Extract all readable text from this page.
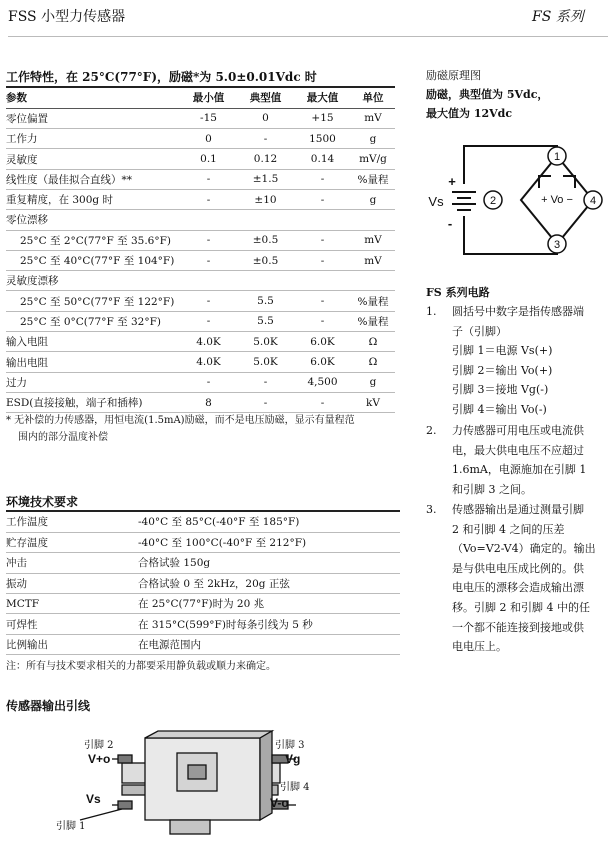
FSS 小型力传感器	FS 系列
工作特性，在 25°C(77°F)，励磁*为 5.0±0.01Vdc 时
参数	最小值	典型值	最大值	单位
零位偏置	-15	0	+15	mV
工作力	0	-	1500	g
灵敏度	0.1	0.12	0.14	mV/g
线性度（最佳拟合直线）**	-	±1.5	-	%量程
重复精度，在 300g 时	-	±10	-	g
零位漂移				
25°C 至 2°C(77°F 至 35.6°F)	-	±0.5	-	mV
25°C 至 40°C(77°F 至 104°F)	-	±0.5	-	mV
灵敏度漂移				
25°C 至 50°C(77°F 至 122°F)	-	5.5	-	%量程
25°C 至 0°C(77°F 至 32°F)	-	5.5	-	%量程
输入电阻	4.0K	5.0K	6.0K	Ω
输出电阻	4.0K	5.0K	6.0K	Ω
过力	-	-	4,500	g
ESD(直接接触，端子和插棒)	8	-	-	kV
* 无补偿的力传感器，用恒电流(1.5mA)励磁，而不是电压励磁，显示有量程范
围内的部分温度补偿
环境技术要求
工作温度	-40°C 至 85°C(-40°F 至 185°F)
贮存温度	-40°C 至 100°C(-40°F 至 212°F)
冲击	合格试验 150g
振动	合格试验 0 至 2kHz，20g 正弦
MCTF	在 25°C(77°F)时为 20 兆
可焊性	在 315°C(599°F)时每条引线为 5 秒
比例输出	在电源范围内
注：所有与技术要求相关的力都要采用静负载或顺力来确定。
传感器输出引线
引脚 2
V+o
引脚 3
Vg
引脚 4
V-o
Vs
引脚 1
励磁原理图
励磁，典型值为 5Vdc，
最大值为 12Vdc
1
2
3
4
+
-
Vs	+ Vo −
FS 系列电路
1. 圆括号中数字是指传感器端
子（引脚）
引脚 1＝电源 Vs(+)
引脚 2＝输出 Vo(+)
引脚 3＝接地 Vg(-)
引脚 4＝输出 Vo(-)
2. 力传感器可用电压或电流供
电，最大供电电压不应超过
1.6mA，电源施加在引脚 1
和引脚 3 之间。
3. 传感器输出是通过测量引脚
2 和引脚 4 之间的压差
（Vo=V2-V4）确定的。输出
是与供电电压成比例的。供
电电压的漂移会造成输出漂
移。引脚 2 和引脚 4 中的任
一个都不能连接到接地或供
电电压上。
